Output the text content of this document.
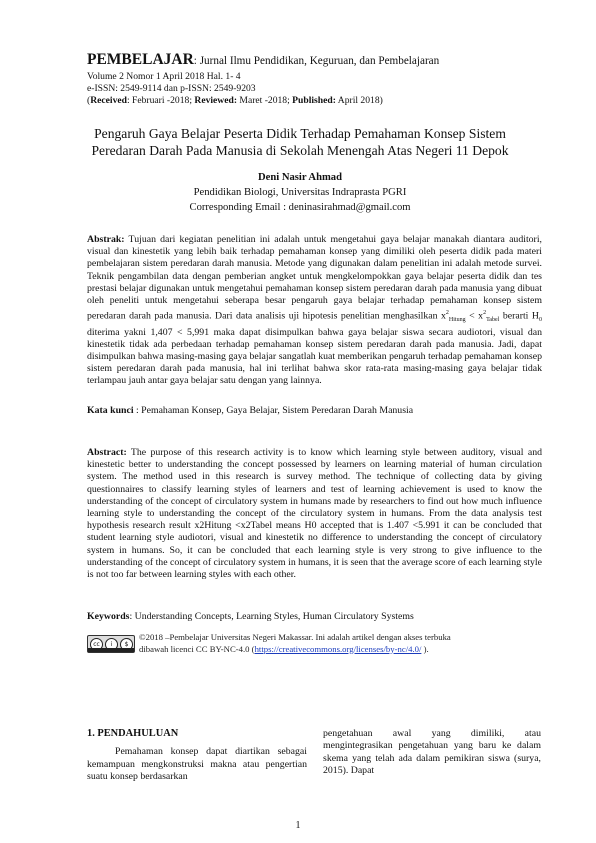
PEMBELAJAR: Jurnal Ilmu Pendidikan, Keguruan, dan Pembelajaran
Volume 2 Nomor 1 April 2018 Hal. 1- 4
e-ISSN: 2549-9114 dan p-ISSN: 2549-9203
(Received: Februari -2018; Reviewed: Maret -2018; Published: April 2018)
Pengaruh Gaya Belajar Peserta Didik Terhadap Pemahaman Konsep Sistem
Peredaran Darah Pada Manusia di Sekolah Menengah Atas Negeri 11 Depok
Deni Nasir Ahmad
Pendidikan Biologi, Universitas Indraprasta PGRI
Corresponding Email : deninasirahmad@gmail.com
Abstrak: Tujuan dari kegiatan penelitian ini adalah untuk mengetahui gaya belajar manakah diantara auditori, visual dan kinestetik yang lebih baik terhadap pemahaman konsep yang dimiliki oleh peserta didik pada materi pembelajaran sistem peredaran darah manusia. Metode yang digunakan dalam penelitian ini adalah metode survei. Teknik pengambilan data dengan pemberian angket untuk mengkelompokkan gaya belajar peserta didik dan tes prestasi belajar digunakan untuk mengetahui pemahaman konsep sistem peredaran darah pada manusia yang dibuat oleh peneliti untuk mengetahui seberapa besar pengaruh gaya belajar terhadap pemahaman konsep sistem peredaran darah pada manusia. Dari data analisis uji hipotesis penelitian menghasilkan $x^2_{Hitung} < x^2_{Tabel}$ berarti $H_0$ diterima yakni 1,407 < 5,991 maka dapat disimpulkan bahwa gaya belajar siswa secara audiotori, visual dan kinestetik tidak ada perbedaan terhadap pemahaman konsep sistem peredaran darah pada manusia. Jadi, dapat disimpulkan bahwa masing-masing gaya belajar sangatlah kuat memberikan pengaruh terhadap pemahaman konsep sistem peredaran darah pada manusia, hal ini terlihat bahwa skor rata-rata masing-masing gaya belajar tidak terlampau jauh antar gaya belajar satu dengan yang lainnya.
Kata kunci : Pemahaman Konsep, Gaya Belajar, Sistem Peredaran Darah Manusia
Abstract: The purpose of this research activity is to know which learning style between auditory, visual and kinestetic better to understanding the concept possessed by learners on learning material of human circulation system. The method used in this research is survey method. The technique of collecting data by giving questionnaires to classify learning styles of learners and test of learning achievement is used to know the understanding of the concept of circulatory system in humans made by researchers to find out how much influence learning style to understanding the concept of the circulatory system in humans. From the data analysis test hypothesis research result x2Hitung <x2Tabel means H0 accepted that is 1.407 <5.991 it can be concluded that student learning style audiotori, visual and kinestetik no difference to understanding the concept of circulatory system in humans. So, it can be concluded that each learning style is very strong to give influence to the understanding of the concept of circulatory system in humans, it is seen that the average score of each learning style is not too far between learning styles with each other.
Keywords: Understanding Concepts, Learning Styles, Human Circulatory Systems
cc	i	$
©2018 –Pembelajar Universitas Negeri Makassar. Ini adalah artikel dengan akses terbuka
dibawah licenci CC BY-NC-4.0 (https://creativecommons.org/licenses/by-nc/4.0/ ).
1. PENDAHULUAN
Pemahaman konsep dapat diartikan sebagai kemampuan mengkonstruksi makna atau pengertian suatu konsep berdasarkan
pengetahuan awal yang dimiliki, atau mengintegrasikan pengetahuan yang baru ke dalam skema yang telah ada dalam pemikiran siswa (surya, 2015). Dapat
1
